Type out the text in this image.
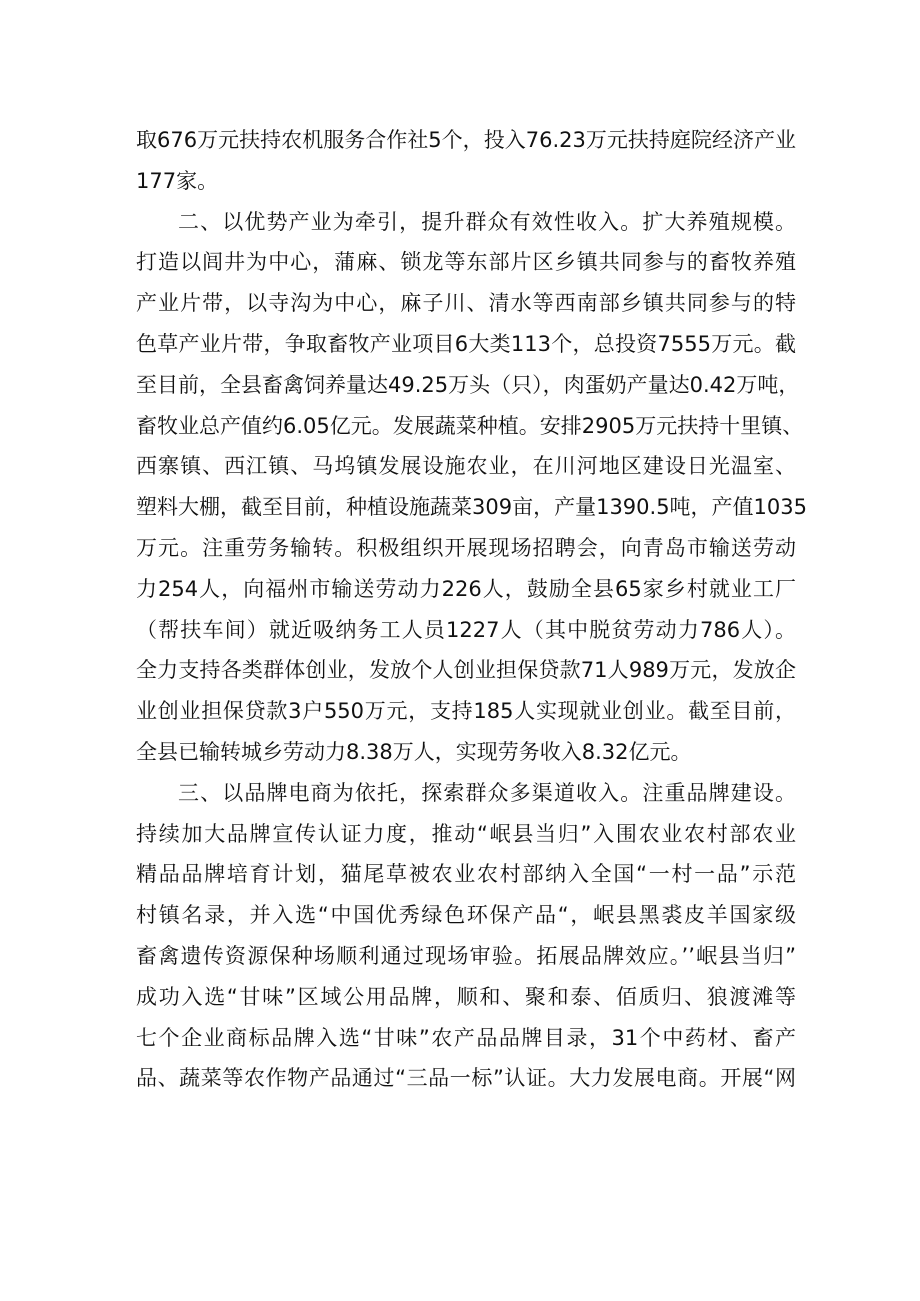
取676万元扶持农机服务合作社5个，投入76.23万元扶持庭院经济产业
177家。
二、以优势产业为牵引，提升群众有效性收入。扩大养殖规模。
打造以闾井为中心，蒲麻、锁龙等东部片区乡镇共同参与的畜牧养殖
产业片带，以寺沟为中心，麻子川、清水等西南部乡镇共同参与的特
色草产业片带，争取畜牧产业项目6大类113个，总投资7555万元。截
至目前，全县畜禽饲养量达49.25万头（只），肉蛋奶产量达0.42万吨，
畜牧业总产值约6.05亿元。发展蔬菜种植。安排2905万元扶持十里镇、
西寨镇、西江镇、马坞镇发展设施农业，在川河地区建设日光温室、
塑料大棚，截至目前，种植设施蔬菜309亩，产量1390.5吨，产值1035
万元。注重劳务输转。积极组织开展现场招聘会，向青岛市输送劳动
力254人，向福州市输送劳动力226人，鼓励全县65家乡村就业工厂
（帮扶车间）就近吸纳务工人员1227人（其中脱贫劳动力786人）。
全力支持各类群体创业，发放个人创业担保贷款71人989万元，发放企
业创业担保贷款3户550万元，支持185人实现就业创业。截至目前，
全县已输转城乡劳动力8.38万人，实现劳务收入8.32亿元。
三、以品牌电商为依托，探索群众多渠道收入。注重品牌建设。
持续加大品牌宣传认证力度，推动“岷县当归”入围农业农村部农业
精品品牌培育计划，猫尾草被农业农村部纳入全国“一村一品”示范
村镇名录，并入选“中国优秀绿色环保产品“，岷县黑裘皮羊国家级
畜禽遗传资源保种场顺利通过现场审验。拓展品牌效应。’’岷县当归”
成功入选“甘味”区域公用品牌，顺和、聚和泰、佰质归、狼渡滩等
七个企业商标品牌入选“甘味”农产品品牌目录，31个中药材、畜产
品、蔬菜等农作物产品通过“三品一标”认证。大力发展电商。开展“网
